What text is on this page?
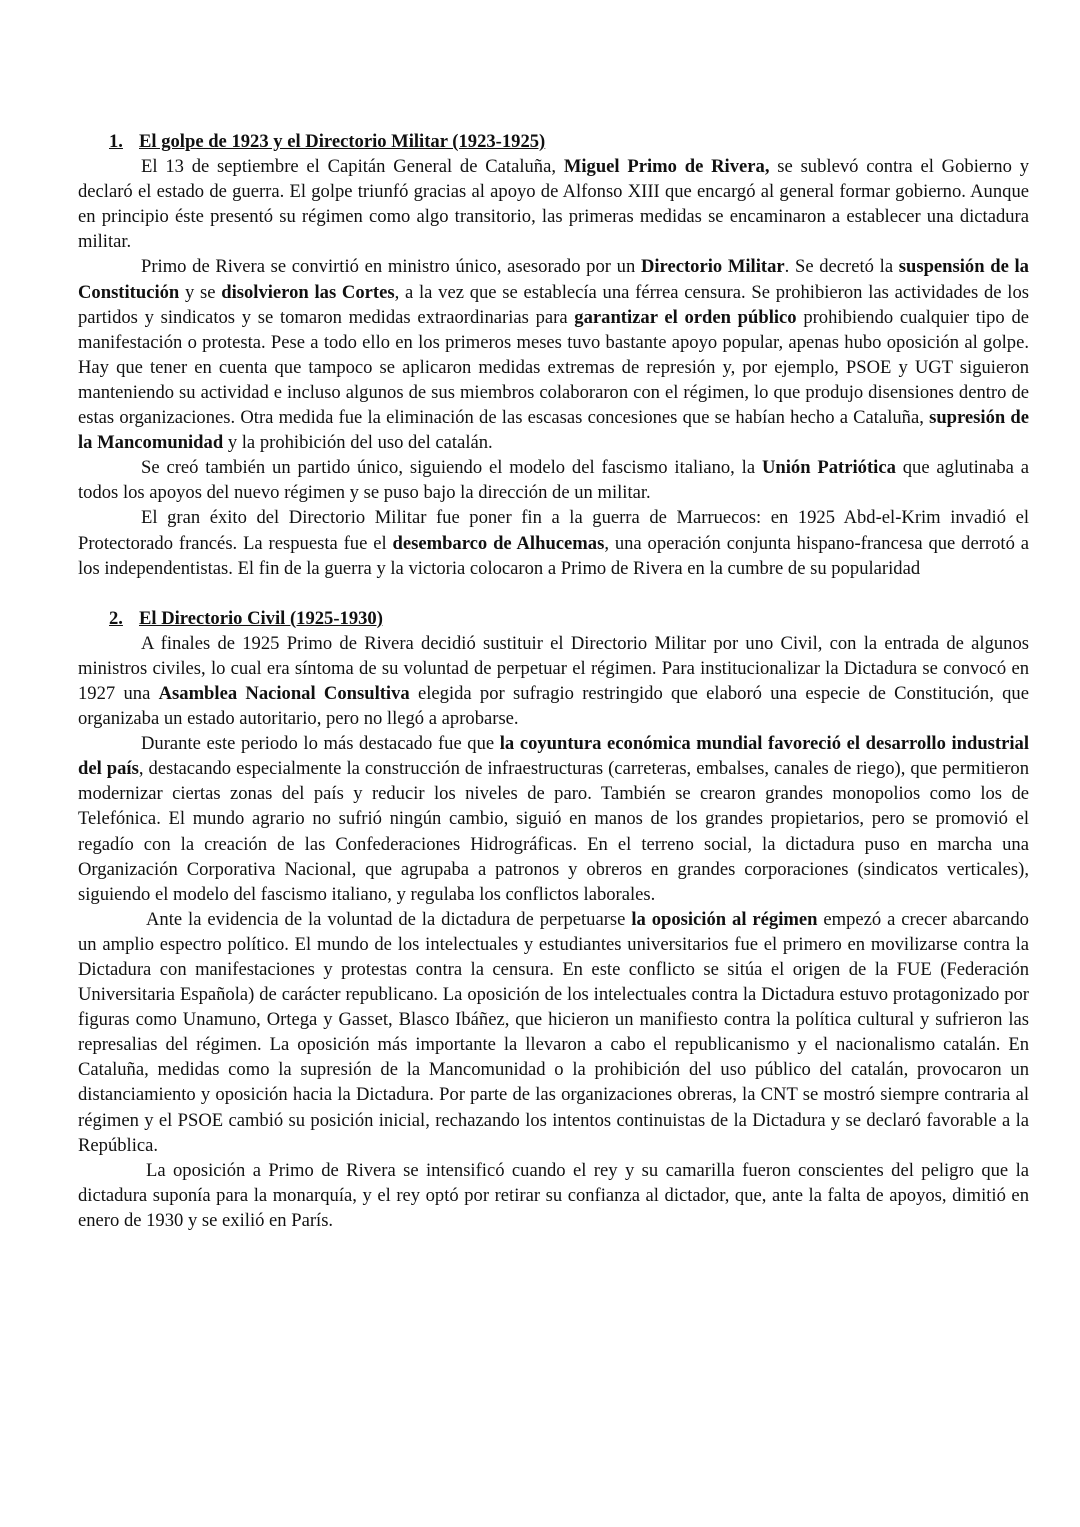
1. El golpe de 1923 y el Directorio Militar (1923-1925)

El 13 de septiembre el Capitán General de Cataluña, Miguel Primo de Rivera, se sublevó contra el Gobierno y declaró el estado de guerra. El golpe triunfó gracias al apoyo de Alfonso XIII que encargó al general formar gobierno. Aunque en principio éste presentó su régimen como algo transitorio, las primeras medidas se encaminaron a establecer una dictadura militar.

Primo de Rivera se convirtió en ministro único, asesorado por un Directorio Militar. Se decretó la suspensión de la Constitución y se disolvieron las Cortes, a la vez que se establecía una férrea censura. Se prohibieron las actividades de los partidos y sindicatos y se tomaron medidas extraordinarias para garantizar el orden público prohibiendo cualquier tipo de manifestación o protesta. Pese a todo ello en los primeros meses tuvo bastante apoyo popular, apenas hubo oposición al golpe. Hay que tener en cuenta que tampoco se aplicaron medidas extremas de represión y, por ejemplo, PSOE y UGT siguieron manteniendo su actividad e incluso algunos de sus miembros colaboraron con el régimen, lo que produjo disensiones dentro de estas organizaciones. Otra medida fue la eliminación de las escasas concesiones que se habían hecho a Cataluña, supresión de la Mancomunidad y la prohibición del uso del catalán.

Se creó también un partido único, siguiendo el modelo del fascismo italiano, la Unión Patriótica que aglutinaba a todos los apoyos del nuevo régimen y se puso bajo la dirección de un militar.

El gran éxito del Directorio Militar fue poner fin a la guerra de Marruecos: en 1925 Abd-el-Krim invadió el Protectorado francés. La respuesta fue el desembarco de Alhucemas, una operación conjunta hispano-francesa que derrotó a los independentistas. El fin de la guerra y la victoria colocaron a Primo de Rivera en la cumbre de su popularidad

2. El Directorio Civil (1925-1930)

A finales de 1925 Primo de Rivera decidió sustituir el Directorio Militar por uno Civil, con la entrada de algunos ministros civiles, lo cual era síntoma de su voluntad de perpetuar el régimen. Para institucionalizar la Dictadura se convocó en 1927 una Asamblea Nacional Consultiva elegida por sufragio restringido que elaboró una especie de Constitución, que organizaba un estado autoritario, pero no llegó a aprobarse.

Durante este periodo lo más destacado fue que la coyuntura económica mundial favoreció el desarrollo industrial del país, destacando especialmente la construcción de infraestructuras (carreteras, embalses, canales de riego), que permitieron modernizar ciertas zonas del país y reducir los niveles de paro. También se crearon grandes monopolios como los de Telefónica. El mundo agrario no sufrió ningún cambio, siguió en manos de los grandes propietarios, pero se promovió el regadío con la creación de las Confederaciones Hidrográficas. En el terreno social, la dictadura puso en marcha una Organización Corporativa Nacional, que agrupaba a patronos y obreros en grandes corporaciones (sindicatos verticales), siguiendo el modelo del fascismo italiano, y regulaba los conflictos laborales.

Ante la evidencia de la voluntad de la dictadura de perpetuarse la oposición al régimen empezó a crecer abarcando un amplio espectro político. El mundo de los intelectuales y estudiantes universitarios fue el primero en movilizarse contra la Dictadura con manifestaciones y protestas contra la censura. En este conflicto se sitúa el origen de la FUE (Federación Universitaria Española) de carácter republicano. La oposición de los intelectuales contra la Dictadura estuvo protagonizado por figuras como Unamuno, Ortega y Gasset, Blasco Ibáñez, que hicieron un manifiesto contra la política cultural y sufrieron las represalias del régimen. La oposición más importante la llevaron a cabo el republicanismo y el nacionalismo catalán. En Cataluña, medidas como la supresión de la Mancomunidad o la prohibición del uso público del catalán, provocaron un distanciamiento y oposición hacia la Dictadura. Por parte de las organizaciones obreras, la CNT se mostró siempre contraria al régimen y el PSOE cambió su posición inicial, rechazando los intentos continuistas de la Dictadura y se declaró favorable a la República.

La oposición a Primo de Rivera se intensificó cuando el rey y su camarilla fueron conscientes del peligro que la dictadura suponía para la monarquía, y el rey optó por retirar su confianza al dictador, que, ante la falta de apoyos, dimitió en enero de 1930 y se exilió en París.
